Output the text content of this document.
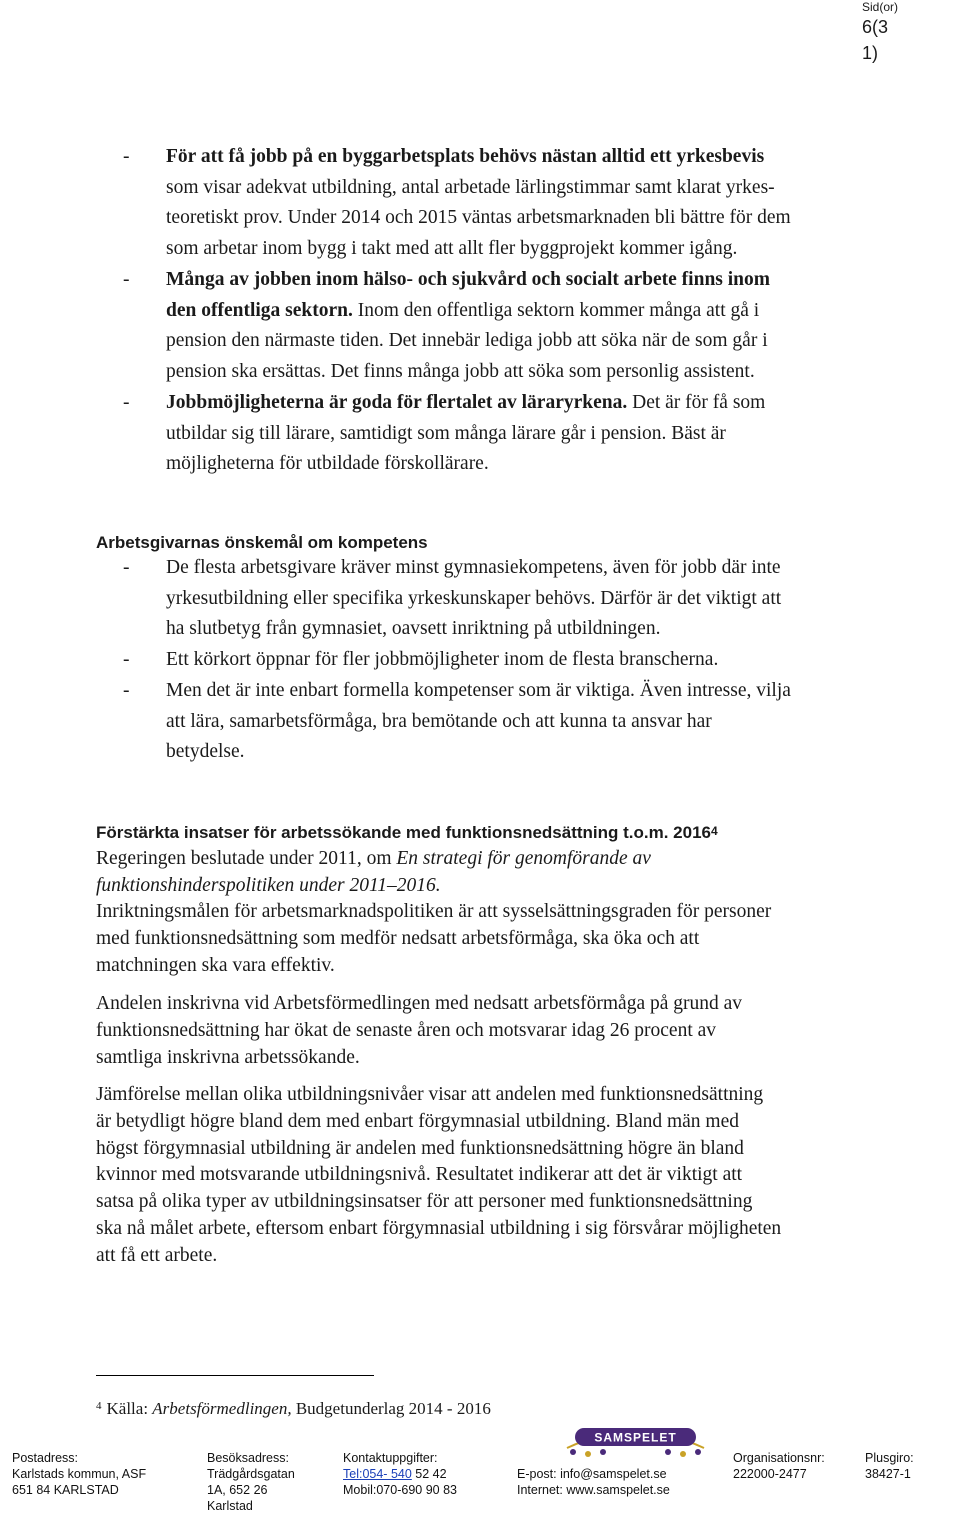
Sid(or)
6(3
1)
-	För att få jobb på en byggarbetsplats behövs nästan alltid ett yrkesbevis

som visar adekvat utbildning, antal arbetade lärlingstimmar samt klarat yrkes-

teoretiskt prov. Under 2014 och 2015 väntas arbetsmarknaden bli bättre för dem

som arbetar inom bygg i takt med att allt fler byggprojekt kommer igång.

-	Många av jobben inom hälso- och sjukvård och socialt arbete finns inom

den offentliga sektorn. Inom den offentliga sektorn kommer många att gå i

pension den närmaste tiden. Det innebär lediga jobb att söka när de som går i

pension ska ersättas. Det finns många jobb att söka som personlig assistent.

-	Jobbmöjligheterna är goda för flertalet av läraryrkena. Det är för få som

utbildar sig till lärare, samtidigt som många lärare går i pension. Bäst är

möjligheterna för utbildade förskollärare.

Arbetsgivarnas önskemål om kompetens
-	De flesta arbetsgivare kräver minst gymnasiekompetens, även för jobb där inte

yrkesutbildning eller specifika yrkeskunskaper behövs. Därför är det viktigt att

ha slutbetyg från gymnasiet, oavsett inriktning på utbildningen.

-	Ett körkort öppnar för fler jobbmöjligheter inom de flesta branscherna.

-	Men det är inte enbart formella kompetenser som är viktiga. Även intresse, vilja

att lära, samarbetsförmåga, bra bemötande och att kunna ta ansvar har

betydelse.

Förstärkta insatser för arbetssökande med funktionsnedsättning t.o.m. 2016$^4$

Regeringen beslutade under 2011, om En strategi för genomförande av

funktionshinderspolitiken under 2011–2016.

Inriktningsmålen för arbetsmarknadspolitiken är att sysselsättningsgraden för personer

med funktionsnedsättning som medför nedsatt arbetsförmåga, ska öka och att

matchningen ska vara effektiv.

Andelen inskrivna vid Arbetsförmedlingen med nedsatt arbetsförmåga på grund av

funktionsnedsättning har ökat de senaste åren och motsvarar idag 26 procent av

samtliga inskrivna arbetssökande.

Jämförelse mellan olika utbildningsnivåer visar att andelen med funktionsnedsättning

är betydligt högre bland dem med enbart förgymnasial utbildning. Bland män med

högst förgymnasial utbildning är andelen med funktionsnedsättning högre än bland

kvinnor med motsvarande utbildningsnivå. Resultatet indikerar att det är viktigt att

satsa på olika typer av utbildningsinsatser för att personer med funktionsnedsättning

ska nå målet arbete, eftersom enbart förgymnasial utbildning i sig försvårar möjligheten

att få ett arbete.

$^4$ Källa: Arbetsförmedlingen, Budgetunderlag 2014 - 2016
SAMSPELET
Postadress:
Karlstads kommun, ASF
651 84 KARLSTAD
Besöksadress:
Trädgårdsgatan
1A, 652 26
Karlstad
Kontaktuppgifter:
Tel:054- 540 52 42
Mobil:070-690 90 83
E-post: info@samspelet.se
Internet: www.samspelet.se
Organisationsnr:
222000-2477
Plusgiro:
38427-1
